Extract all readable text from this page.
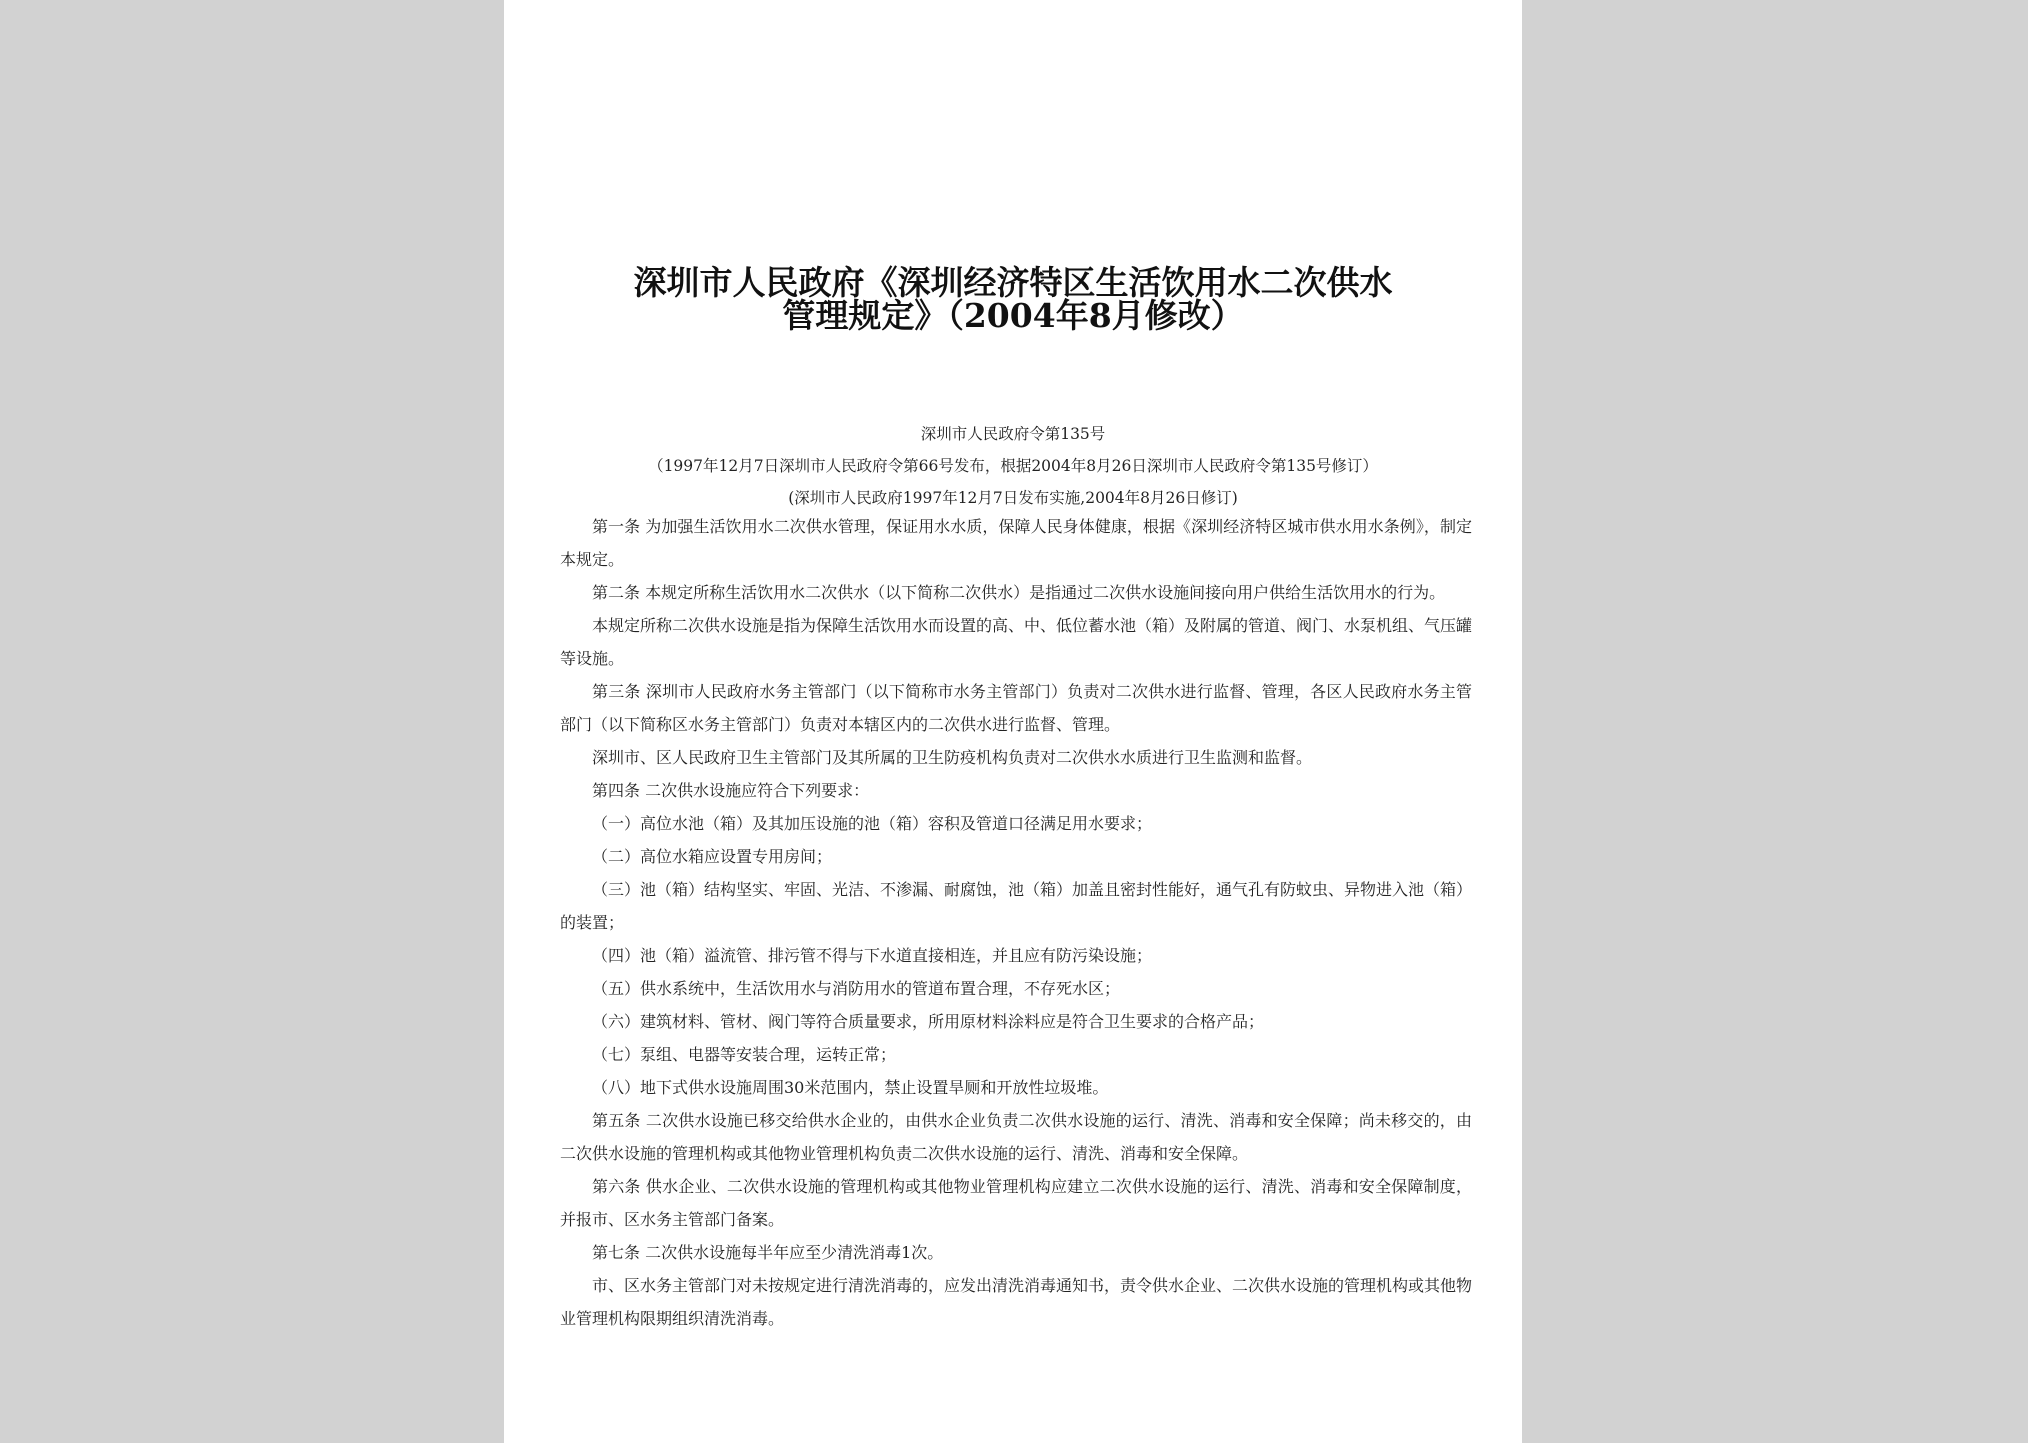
深圳市人民政府《深圳经济特区生活饮用水二次供水
管理规定》（2004年8月修改）
深圳市人民政府令第135号
（1997年12月7日深圳市人民政府令第66号发布，根据2004年8月26日深圳市人民政府令第135号修订）
(深圳市人民政府1997年12月7日发布实施,2004年8月26日修订)

第一条 为加强生活饮用水二次供水管理，保证用水水质，保障人民身体健康，根据《深圳经济特区城市供水用水条例》，制定本规定。

第二条 本规定所称生活饮用水二次供水（以下简称二次供水）是指通过二次供水设施间接向用户供给生活饮用水的行为。

本规定所称二次供水设施是指为保障生活饮用水而设置的高、中、低位蓄水池（箱）及附属的管道、阀门、水泵机组、气压罐等设施。

第三条 深圳市人民政府水务主管部门（以下简称市水务主管部门）负责对二次供水进行监督、管理，各区人民政府水务主管部门（以下简称区水务主管部门）负责对本辖区内的二次供水进行监督、管理。

深圳市、区人民政府卫生主管部门及其所属的卫生防疫机构负责对二次供水水质进行卫生监测和监督。

第四条 二次供水设施应符合下列要求：

（一）高位水池（箱）及其加压设施的池（箱）容积及管道口径满足用水要求；

（二）高位水箱应设置专用房间；

（三）池（箱）结构坚实、牢固、光洁、不渗漏、耐腐蚀，池（箱）加盖且密封性能好，通气孔有防蚊虫、异物进入池（箱）的装置；

（四）池（箱）溢流管、排污管不得与下水道直接相连，并且应有防污染设施；

（五）供水系统中，生活饮用水与消防用水的管道布置合理，不存死水区；

（六）建筑材料、管材、阀门等符合质量要求，所用原材料涂料应是符合卫生要求的合格产品；

（七）泵组、电器等安装合理，运转正常；

（八）地下式供水设施周围30米范围内，禁止设置旱厕和开放性垃圾堆。

第五条 二次供水设施已移交给供水企业的，由供水企业负责二次供水设施的运行、清洗、消毒和安全保障；尚未移交的，由二次供水设施的管理机构或其他物业管理机构负责二次供水设施的运行、清洗、消毒和安全保障。

第六条 供水企业、二次供水设施的管理机构或其他物业管理机构应建立二次供水设施的运行、清洗、消毒和安全保障制度，并报市、区水务主管部门备案。

第七条 二次供水设施每半年应至少清洗消毒1次。

市、区水务主管部门对未按规定进行清洗消毒的，应发出清洗消毒通知书，责令供水企业、二次供水设施的管理机构或其他物业管理机构限期组织清洗消毒。
